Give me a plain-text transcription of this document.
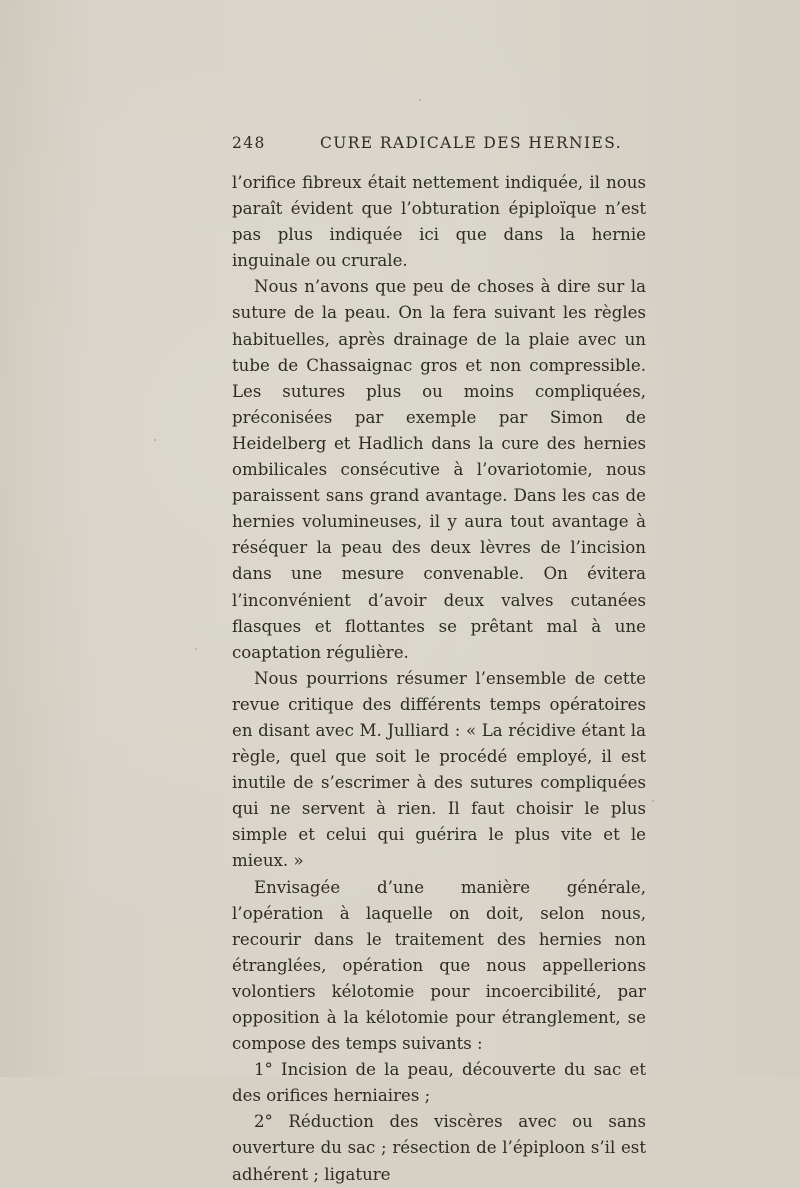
248	CURE RADICALE DES HERNIES.

l’orifice fibreux était nettement indiquée, il nous paraît évident que l’obturation épiploïque n’est pas plus indiquée ici que dans la hernie inguinale ou crurale.

Nous n’avons que peu de choses à dire sur la suture de la peau. On la fera suivant les règles habituelles, après drainage de la plaie avec un tube de Chassaignac gros et non compressible. Les sutures plus ou moins compliquées, préconisées par exemple par Simon de Heidelberg et Hadlich dans la cure des hernies ombilicales consécutive à l’ovariotomie, nous paraissent sans grand avantage. Dans les cas de hernies volumineuses, il y aura tout avantage à réséquer la peau des deux lèvres de l’incision dans une mesure convenable. On évitera l’inconvénient d’avoir deux valves cutanées flasques et flottantes se prêtant mal à une coaptation régulière.

Nous pourrions résumer l’ensemble de cette revue critique des différents temps opératoires en disant avec M. Julliard : « La récidive étant la règle, quel que soit le procédé employé, il est inutile de s’escrimer à des sutures compliquées qui ne servent à rien. Il faut choisir le plus simple et celui qui guérira le plus vite et le mieux. »

Envisagée d’une manière générale, l’opération à laquelle on doit, selon nous, recourir dans le traitement des hernies non étranglées, opération que nous appellerions volontiers kélotomie pour incoercibilité, par opposition à la kélotomie pour étranglement, se compose des temps suivants :

1° Incision de la peau, découverte du sac et des orifices herniaires ;

2° Réduction des viscères avec ou sans ouverture du sac ; résection de l’épiploon s’il est adhérent ; ligature
